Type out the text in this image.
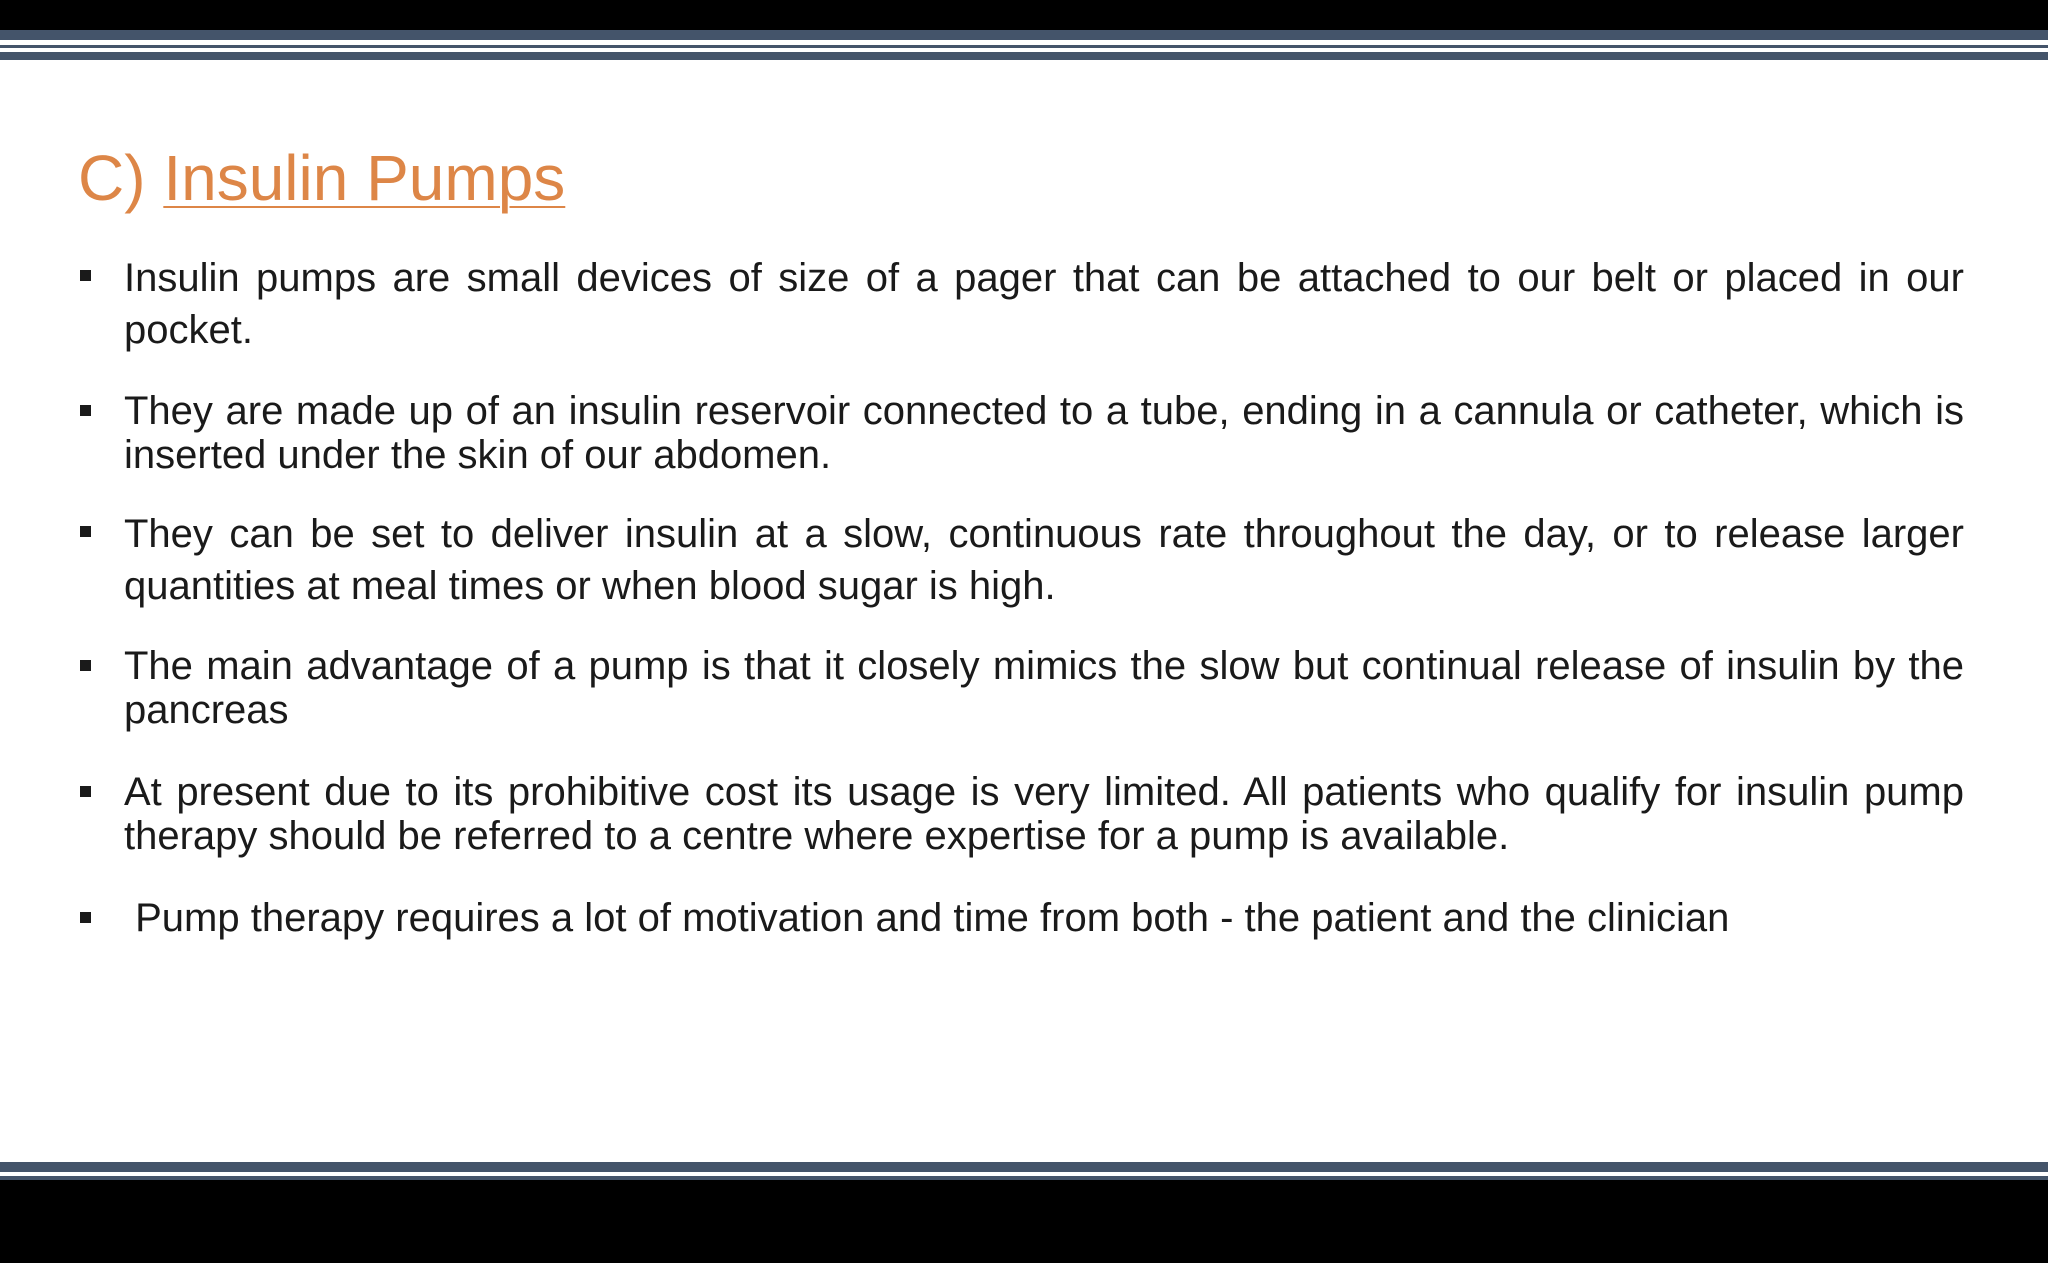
C) Insulin Pumps

Insulin pumps are small devices of size of a pager that can be attached to our belt or placed in our pocket.

They are made up of an insulin reservoir connected to a tube, ending in a cannula or catheter, which is inserted under the skin of our abdomen.

They can be set to deliver insulin at a slow, continuous rate throughout the day, or to release larger quantities at meal times or when blood sugar is high.

The main advantage of a pump is that it closely mimics the slow but continual release of insulin by the pancreas

At present due to its prohibitive cost its usage is very limited. All patients who qualify for insulin pump therapy should be referred to a centre where expertise for a pump is available.

Pump therapy requires a lot of motivation and time from both - the patient and the clinician
